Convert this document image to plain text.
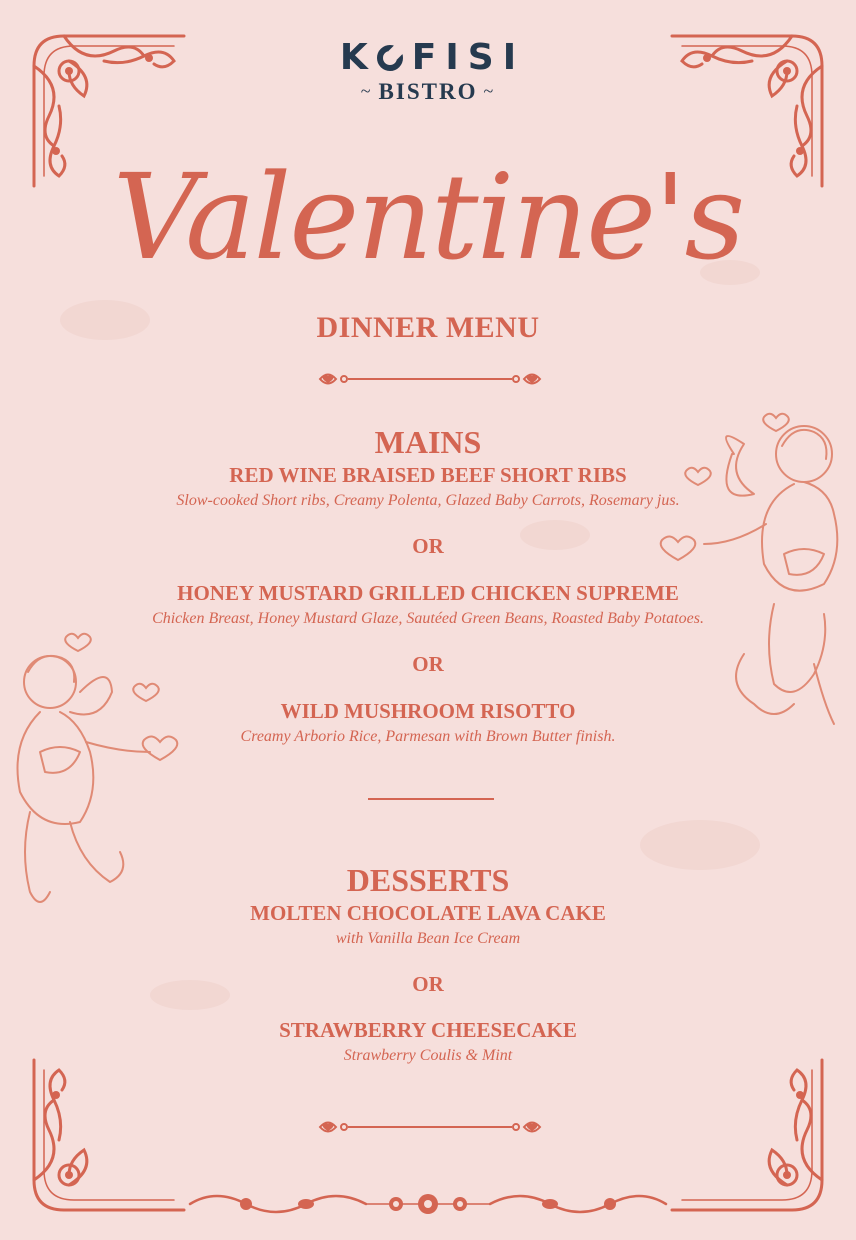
K FISI
~ BISTRO ~
Valentine's
DINNER MENU
MAINS
RED WINE BRAISED BEEF SHORT RIBS
Slow-cooked Short ribs, Creamy Polenta, Glazed Baby Carrots, Rosemary jus.
OR
HONEY MUSTARD GRILLED CHICKEN SUPREME
Chicken Breast, Honey Mustard Glaze, Sautéed Green Beans, Roasted Baby Potatoes.
OR
WILD MUSHROOM RISOTTO
Creamy Arborio Rice, Parmesan with Brown Butter finish.
DESSERTS
MOLTEN CHOCOLATE LAVA CAKE
with Vanilla Bean Ice Cream
OR
STRAWBERRY CHEESECAKE
Strawberry Coulis & Mint
